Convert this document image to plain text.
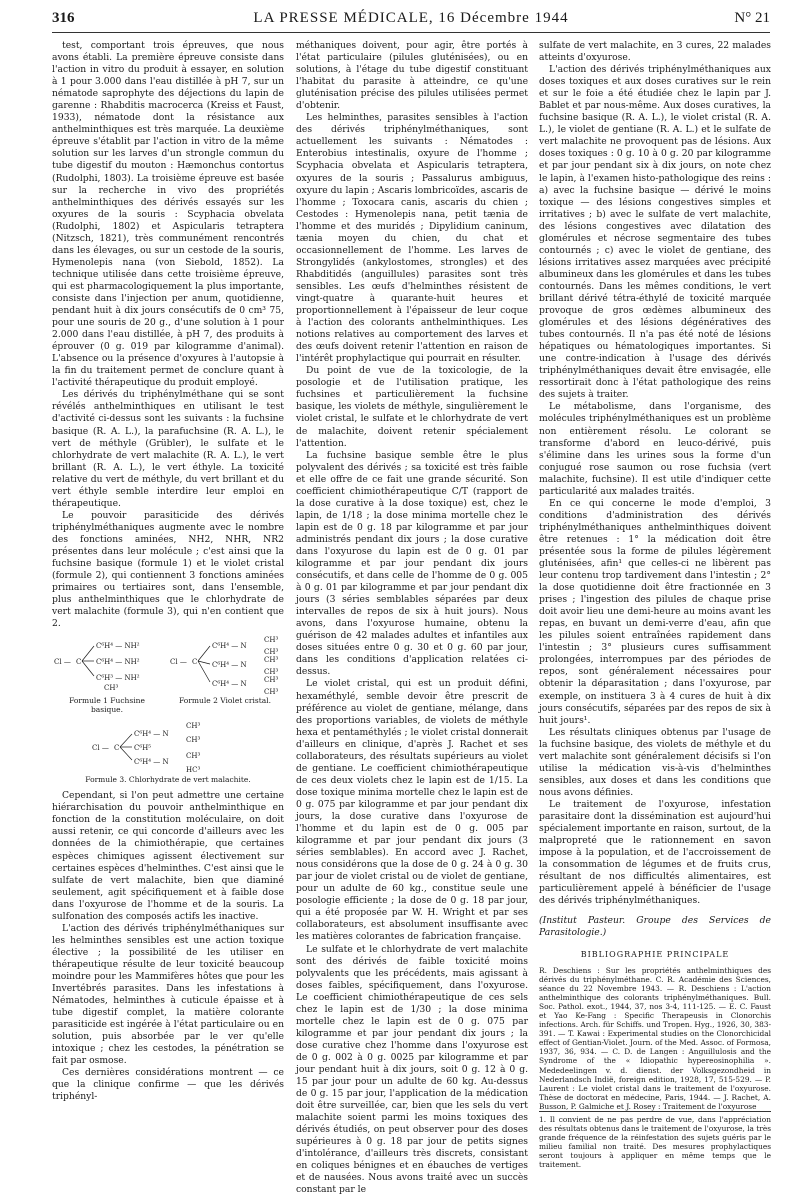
316	LA PRESSE MÉDICALE, 16 Décembre 1944	N° 21

test, comportant trois épreuves, que nous avons établi. La première épreuve consiste dans l'action in vitro du produit à essayer, en solution à 1 pour 3.000 dans l'eau distillée à pH 7, sur un nématode saprophyte des déjections du lapin de garenne : Rhabditis macrocerca (Kreiss et Faust, 1933), nématode dont la résistance aux anthelminthiques est très marquée. La deuxième épreuve s'établit par l'action in vitro de la même solution sur les larves d'un strongle commun du tube digestif du mouton : Hæmonchus contortus (Rudolphi, 1803). La troisième épreuve est basée sur la recherche in vivo des propriétés anthelminthiques des dérivés essayés sur les oxyures de la souris : Scyphacia obvelata (Rudolphi, 1802) et Aspicularis tetraptera (Nitzsch, 1821), très communément rencontrés dans les élevages, ou sur un cestode de la souris, Hymenolepis nana (von Siebold, 1852). La technique utilisée dans cette troisième épreuve, qui est pharmacologiquement la plus importante, consiste dans l'injection per anum, quotidienne, pendant huit à dix jours consécutifs de 0 cm³ 75, pour une souris de 20 g., d'une solution à 1 pour 2.000 dans l'eau distillée, à pH 7, des produits à éprouver (0 g. 019 par kilogramme d'animal). L'absence ou la présence d'oxyures à l'autopsie à la fin du traitement permet de conclure quant à l'activité thérapeutique du produit employé.

Les dérivés du triphénylméthane qui se sont révélés anthelminthiques en utilisant le test d'activité ci-dessus sont les suivants : la fuchsine basique (R. A. L.), la parafuchsine (R. A. L.), le vert de méthyle (Grübler), le sulfate et le chlorhydrate de vert malachite (R. A. L.), le vert brillant (R. A. L.), le vert éthyle. La toxicité relative du vert de méthyle, du vert brillant et du vert éthyle semble interdire leur emploi en thérapeutique.

Le pouvoir parasiticide des dérivés triphénylméthaniques augmente avec le nombre des fonctions aminées, NH2, NHR, NR2 présentes dans leur molécule ; c'est ainsi que la fuchsine basique (formule 1) et le violet cristal (formule 2), qui contiennent 3 fonctions aminées primaires ou tertiaires sont, dans l'ensemble, plus anthelminthiques que le chlorhydrate de vert malachite (formule 3), qui n'en contient que 2.

Cl — C
C⁶H⁴ — NH²
C⁶H⁴ — NH²
C⁶H³ — NH²
CH³
Cl — C
C⁶H⁴ — N
C⁶H⁴ — N
C⁶H⁴ — N
CH³
CH³
CH³
CH³
CH³
CH³
Cl — C
C⁶H⁴ — N
C⁶H⁵
C⁶H⁴ — N
CH³
CH³
CH³
HC³
Formule 1 Fuchsine basique.
Formule 2 Violet cristal.
Formule 3. Chlorhydrate de vert malachite.

Cependant, si l'on peut admettre une certaine hiérarchisation du pouvoir anthelminthique en fonction de la constitution moléculaire, on doit aussi retenir, ce qui concorde d'ailleurs avec les données de la chimiothérapie, que certaines espèces chimiques agissent électivement sur certaines espèces d'helminthes. C'est ainsi que le sulfate de vert malachite, bien que diaminé seulement, agit spécifiquement et à faible dose dans l'oxyurose de l'homme et de la souris. La sulfonation des composés actifs les inactive.

L'action des dérivés triphénylméthaniques sur les helminthes sensibles est une action toxique élective ; la possibilité de les utiliser en thérapeutique résulte de leur toxicité beaucoup moindre pour les Mammifères hôtes que pour les Invertébrés parasites. Dans les infestations à Nématodes, helminthes à cuticule épaisse et à tube digestif complet, la matière colorante parasiticide est ingérée à l'état particulaire ou en solution, puis absorbée par le ver qu'elle intoxique ; chez les cestodes, la pénétration se fait par osmose.

Ces dernières considérations montrent — ce que la clinique confirme — que les dérivés triphényl-

méthaniques doivent, pour agir, être portés à l'état particulaire (pilules gluténisées), ou en solutions, à l'étage du tube digestif constituant l'habitat du parasite à atteindre, ce qu'une gluténisation précise des pilules utilisées permet d'obtenir.

Les helminthes, parasites sensibles à l'action des dérivés triphénylméthaniques, sont actuellement les suivants : Nématodes : Enterobius intestinalis, oxyure de l'homme ; Scyphacia obvelata et Aspicularis tetraptera, oxyures de la souris ; Passalurus ambiguus, oxyure du lapin ; Ascaris lombricoïdes, ascaris de l'homme ; Toxocara canis, ascaris du chien ; Cestodes : Hymenolepis nana, petit tænia de l'homme et des muridés ; Dipylidium caninum, tænia moyen du chien, du chat et occasionnellement de l'homme. Les larves de Strongylidés (ankylostomes, strongles) et des Rhabditidés (anguillules) parasites sont très sensibles. Les œufs d'helminthes résistent de vingt-quatre à quarante-huit heures et proportionnellement à l'épaisseur de leur coque à l'action des colorants anthelminthiques. Les notions relatives au comportement des larves et des œufs doivent retenir l'attention en raison de l'intérêt prophylactique qui pourrait en résulter.

Du point de vue de la toxicologie, de la posologie et de l'utilisation pratique, les fuchsines et particulièrement la fuchsine basique, les violets de méthyle, singulièrement le violet cristal, le sulfate et le chlorhydrate de vert de malachite, doivent retenir spécialement l'attention.

La fuchsine basique semble être le plus polyvalent des dérivés ; sa toxicité est très faible et elle offre de ce fait une grande sécurité. Son coefficient chimiothérapeutique C/T (rapport de la dose curative à la dose toxique) est, chez le lapin, de 1/18 ; la dose minima mortelle chez le lapin est de 0 g. 18 par kilogramme et par jour administrés pendant dix jours ; la dose curative dans l'oxyurose du lapin est de 0 g. 01 par kilogramme et par jour pendant dix jours consécutifs, et dans celle de l'homme de 0 g. 005 à 0 g. 01 par kilogramme et par jour pendant dix jours (3 séries semblables séparées par deux intervalles de repos de six à huit jours). Nous avons, dans l'oxyurose humaine, obtenu la guérison de 42 malades adultes et infantiles aux doses situées entre 0 g. 30 et 0 g. 60 par jour, dans les conditions d'application relatées ci-dessus.

Le violet cristal, qui est un produit défini, hexaméthylé, semble devoir être prescrit de préférence au violet de gentiane, mélange, dans des proportions variables, de violets de méthyle hexa et pentaméthylés ; le violet cristal donnerait d'ailleurs en clinique, d'après J. Rachet et ses collaborateurs, des résultats supérieurs au violet de gentiane. Le coefficient chimiothérapeutique de ces deux violets chez le lapin est de 1/15. La dose toxique minima mortelle chez le lapin est de 0 g. 075 par kilogramme et par jour pendant dix jours, la dose curative dans l'oxyurose de l'homme et du lapin est de 0 g. 005 par kilogramme et par jour pendant dix jours (3 séries semblables). En accord avec J. Rachet, nous considérons que la dose de 0 g. 24 à 0 g. 30 par jour de violet cristal ou de violet de gentiane, pour un adulte de 60 kg., constitue seule une posologie efficiente ; la dose de 0 g. 18 par jour, qui a été proposée par W. H. Wright et par ses collaborateurs, est absolument insuffisante avec les matières colorantes de fabrication française.

Le sulfate et le chlorhydrate de vert malachite sont des dérivés de faible toxicité moins polyvalents que les précédents, mais agissant à doses faibles, spécifiquement, dans l'oxyurose. Le coefficient chimiothérapeutique de ces sels chez le lapin est de 1/30 ; la dose minima mortelle chez le lapin est de 0 g. 075 par kilogramme et par jour pendant dix jours ; la dose curative chez l'homme dans l'oxyurose est de 0 g. 002 à 0 g. 0025 par kilogramme et par jour pendant huit à dix jours, soit 0 g. 12 à 0 g. 15 par jour pour un adulte de 60 kg. Au-dessus de 0 g. 15 par jour, l'application de la médication doit être surveillée, car, bien que les sels du vert malachite soient parmi les moins toxiques des dérivés étudiés, on peut observer pour des doses supérieures à 0 g. 18 par jour de petits signes d'intolérance, d'ailleurs très discrets, consistant en coliques bénignes et en ébauches de vertiges et de nausées. Nous avons traité avec un succès constant par le

sulfate de vert malachite, en 3 cures, 22 malades atteints d'oxyurose.

L'action des dérivés triphénylméthaniques aux doses toxiques et aux doses curatives sur le rein et sur le foie a été étudiée chez le lapin par J. Bablet et par nous-même. Aux doses curatives, la fuchsine basique (R. A. L.), le violet cristal (R. A. L.), le violet de gentiane (R. A. L.) et le sulfate de vert malachite ne provoquent pas de lésions. Aux doses toxiques : 0 g. 10 à 0 g. 20 par kilogramme et par jour pendant six à dix jours, on note chez le lapin, à l'examen histo-pathologique des reins : a) avec la fuchsine basique — dérivé le moins toxique — des lésions congestives simples et irritatives ; b) avec le sulfate de vert malachite, des lésions congestives avec dilatation des glomérules et nécrose segmentaire des tubes contournés ; c) avec le violet de gentiane, des lésions irritatives assez marquées avec précipité albumineux dans les glomérules et dans les tubes contournés. Dans les mêmes conditions, le vert brillant dérivé tétra-éthylé de toxicité marquée provoque de gros œdèmes albumineux des glomérules et des lésions dégénératives des tubes contournés. Il n'a pas été noté de lésions hépatiques ou hématologiques importantes. Si une contre-indication à l'usage des dérivés triphénylméthaniques devait être envisagée, elle ressortirait donc à l'état pathologique des reins des sujets à traiter.

Le métabolisme, dans l'organisme, des molécules triphénylméthaniques est un problème non entièrement résolu. Le colorant se transforme d'abord en leuco-dérivé, puis s'élimine dans les urines sous la forme d'un conjugué rose saumon ou rose fuchsia (vert malachite, fuchsine). Il est utile d'indiquer cette particularité aux malades traités.

En ce qui concerne le mode d'emploi, 3 conditions d'administration des dérivés triphénylméthaniques anthelminthiques doivent être retenues : 1° la médication doit être présentée sous la forme de pilules légèrement gluténisées, afin¹ que celles-ci ne libèrent pas leur contenu trop tardivement dans l'intestin ; 2° la dose quotidienne doit être fractionnée en 3 prises ; l'ingestion des pilules de chaque prise doit avoir lieu une demi-heure au moins avant les repas, en buvant un demi-verre d'eau, afin que les pilules soient entraînées rapidement dans l'intestin ; 3° plusieurs cures suffisamment prolongées, interrompues par des périodes de repos, sont généralement nécessaires pour obtenir la déparasitation ; dans l'oxyurose, par exemple, on instituera 3 à 4 cures de huit à dix jours consécutifs, séparées par des repos de six à huit jours¹.

Les résultats cliniques obtenus par l'usage de la fuchsine basique, des violets de méthyle et du vert malachite sont généralement décisifs si l'on utilise la médication vis-à-vis d'helminthes sensibles, aux doses et dans les conditions que nous avons définies.

Le traitement de l'oxyurose, infestation parasitaire dont la dissémination est aujourd'hui spécialement importante en raison, surtout, de la malpropreté que le rationnement en savon impose à la population, et de l'accroissement de la consommation de légumes et de fruits crus, résultant de nos difficultés alimentaires, est particulièrement appelé à bénéficier de l'usage des dérivés triphénylméthaniques.

(Institut Pasteur. Groupe des Services de Parasitologie.)

BIBLIOGRAPHIE PRINCIPALE

R. Deschiens : Sur les propriétés anthelminthiques des dérivés du triphénylméthane. C. R. Académie des Sciences, séance du 22 Novembre 1943. — R. Deschiens : L'action anthelminthique des colorants triphénylméthaniques. Bull. Soc. Pathol. exot., 1944, 37, nos 3-4, 111-125. — E. C. Faust et Yao Ke-Fang : Specific Therapeusis in Clonorchis infections. Arch. für Schiffs. und Tropen. Hyg., 1926, 30, 383-391. — T. Kawai : Experimental studies on the Clonorchicidal effect of Gentian-Violet. Journ. of the Med. Assoc. of Formosa, 1937, 36, 934. — C. D. de Langen : Anguillulosis and the Syndrome of the « Idiopathic hypereosinophilia ». Mededeelingen v. d. dienst. der Volksgezondheid in Nederlandsch Indië, foreign edition, 1928, 17, 515-529. — P. Laurent : Le violet cristal dans le traitement de l'oxyurose. Thèse de doctorat en médecine, Paris, 1944. — J. Rachet, A. Busson, P. Galmiche et J. Rosey : Traitement de l'oxyurose

1. Il convient de ne pas perdre de vue, dans l'appréciation des résultats obtenus dans le traitement de l'oxyurose, la très grande fréquence de la réinfestation des sujets guéris par le milieu familial non traité. Des mesures prophylactiques seront toujours à appliquer en même temps que le traitement.
